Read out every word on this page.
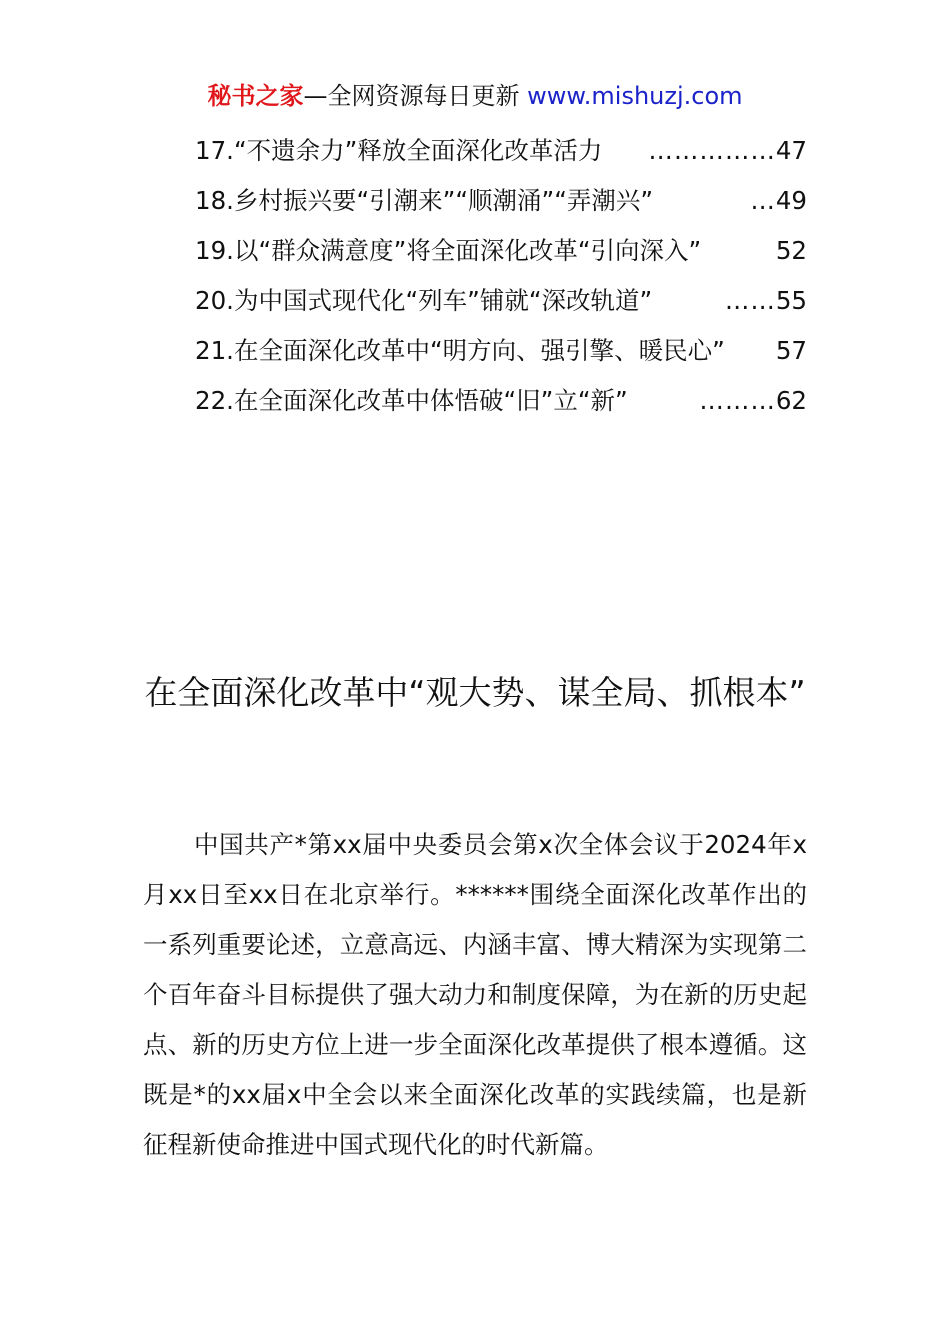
秘书之家—全网资源每日更新 www.mishuzj.com
17.“不遗余力”释放全面深化改革活力	…………… 47
18.乡村振兴要“引潮来”“顺潮涌”“弄潮兴”	… 49
19.以“群众满意度”将全面深化改革“引向深入”	52
20.为中国式现代化“列车”铺就“深改轨道”	…… 55
21.在全面深化改革中“明方向、强引擎、暖民心” 57
22.在全面深化改革中体悟破“旧”立“新”	……… 62
在全面深化改革中“观大势、谋全局、抓根本”

中国共产*第xx届中央委员会第x次全体会议于2024年x月xx日至xx日在北京举行。******围绕全面深化改革作出的一系列重要论述，立意高远、内涵丰富、博大精深为实现第二个百年奋斗目标提供了强大动力和制度保障，为在新的历史起点、新的历史方位上进一步全面深化改革提供了根本遵循。这既是*的xx届x中全会以来全面深化改革的实践续篇，也是新征程新使命推进中国式现代化的时代新篇。
